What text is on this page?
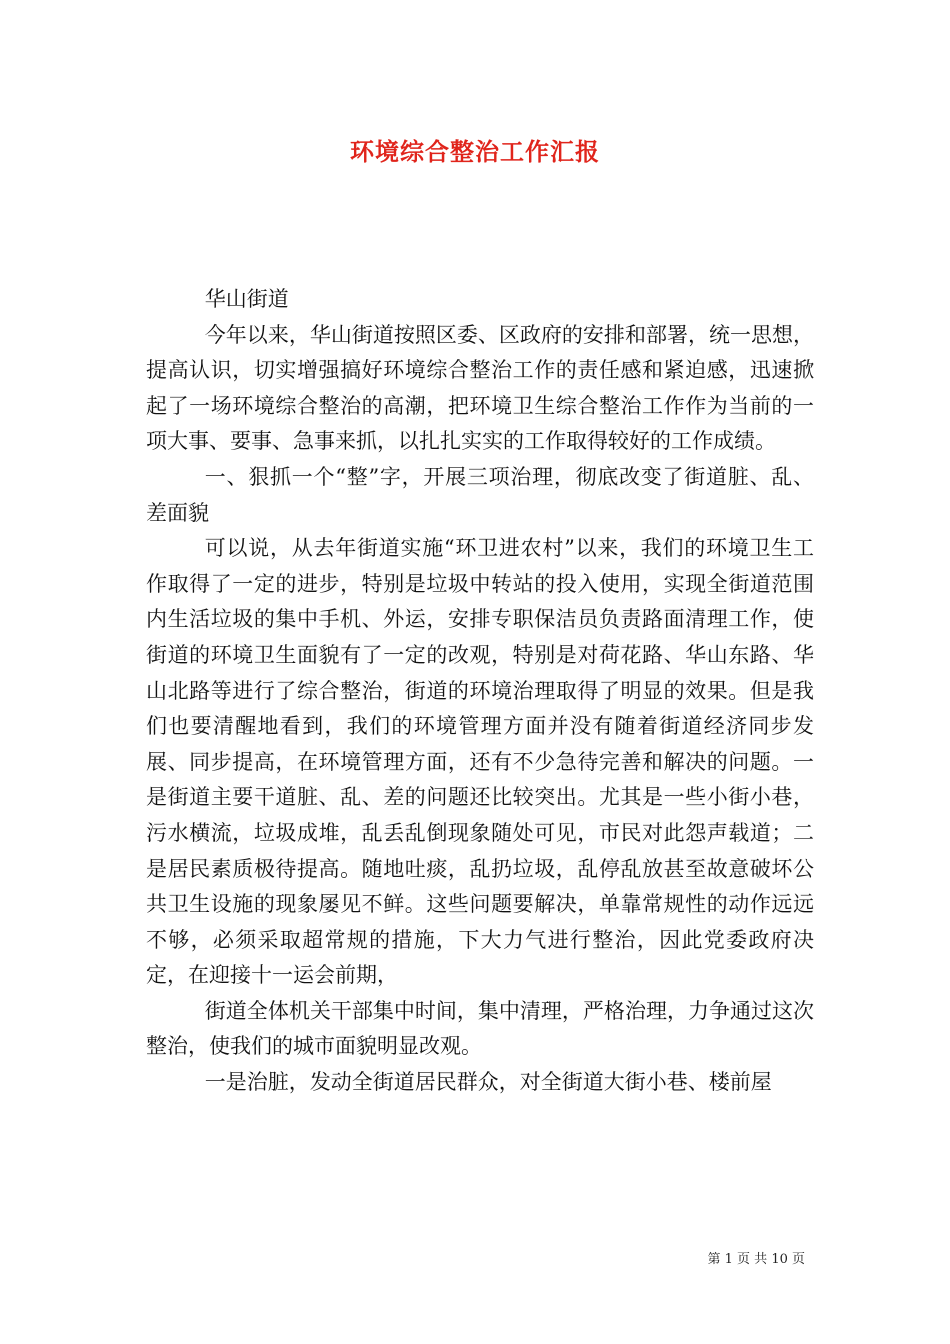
环境综合整治工作汇报

华山街道

今年以来，华山街道按照区委、区政府的安排和部署，统一思想，提高认识，切实增强搞好环境综合整治工作的责任感和紧迫感，迅速掀起了一场环境综合整治的高潮，把环境卫生综合整治工作作为当前的一项大事、要事、急事来抓，以扎扎实实的工作取得较好的工作成绩。

一、狠抓一个“整”字，开展三项治理，彻底改变了街道脏、乱、差面貌

可以说，从去年街道实施“环卫进农村”以来，我们的环境卫生工作取得了一定的进步，特别是垃圾中转站的投入使用，实现全街道范围内生活垃圾的集中手机、外运，安排专职保洁员负责路面清理工作，使街道的环境卫生面貌有了一定的改观，特别是对荷花路、华山东路、华山北路等进行了综合整治，街道的环境治理取得了明显的效果。但是我们也要清醒地看到，我们的环境管理方面并没有随着街道经济同步发展、同步提高，在环境管理方面，还有不少急待完善和解决的问题。一是街道主要干道脏、乱、差的问题还比较突出。尤其是一些小街小巷，污水横流，垃圾成堆，乱丢乱倒现象随处可见，市民对此怨声载道；二是居民素质极待提高。随地吐痰，乱扔垃圾，乱停乱放甚至故意破坏公共卫生设施的现象屡见不鲜。这些问题要解决，单靠常规性的动作远远不够，必须采取超常规的措施，下大力气进行整治，因此党委政府决定，在迎接十一运会前期，

街道全体机关干部集中时间，集中清理，严格治理，力争通过这次整治，使我们的城市面貌明显改观。

一是治脏，发动全街道居民群众，对全街道大街小巷、楼前屋

第 1 页 共 10 页
